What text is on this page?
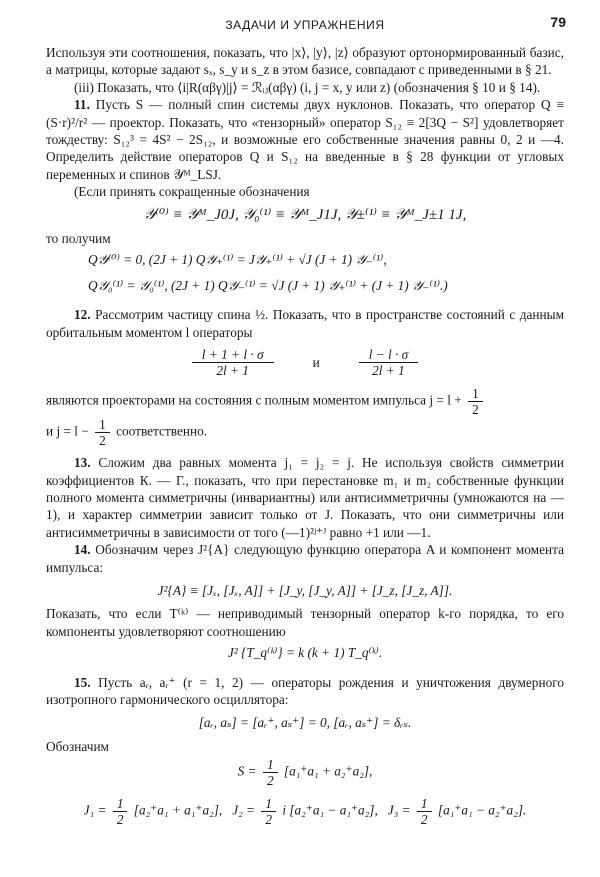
ЗАДАЧИ И УПРАЖНЕНИЯ	79

Используя эти соотношения, показать, что |x⟩, |y⟩, |z⟩ образуют ортонормированный базис, а матрицы, которые задают sₓ, s_y и s_z в этом базисе, совпадают с приведенными в § 21.

(iii) Показать, что ⟨i|R(αβγ)|j⟩ = ℛᵢⱼ(αβγ) (i, j = x, y или z) (обозначения § 10 и § 14).

11. Пусть S — полный спин системы двух нуклонов. Показать, что оператор Q ≡ (S·r)²/r² — проектор. Показать, что «тензорный» оператор S₁₂ ≡ 2[3Q − S²] удовлетворяет тождеству: S₁₂³ = 4S² − 2S₁₂, и возможные его собственные значения равны 0, 2 и —4. Определить действие операторов Q и S₁₂ на введенные в § 28 функции от угловых переменных и спинов 𝒴ᴹ_LSJ.

(Если принять сокращенные обозначения

𝒴⁽⁰⁾ ≡ 𝒴ᴹ_J0J, 𝒴₀⁽¹⁾ ≡ 𝒴ᴹ_J1J, 𝒴±⁽¹⁾ ≡ 𝒴ᴹ_J±1 1J,

то получим

Q𝒴⁽⁰⁾ = 0, (2J + 1) Q𝒴₊⁽¹⁾ = J𝒴₊⁽¹⁾ + √J (J + 1) 𝒴₋⁽¹⁾,
Q𝒴₀⁽¹⁾ = 𝒴₀⁽¹⁾, (2J + 1) Q𝒴₋⁽¹⁾ = √J (J + 1) 𝒴₊⁽¹⁾ + (J + 1) 𝒴₋⁽¹⁾.)

12. Рассмотрим частицу спина ½. Показать, что в пространстве состояний с данным орбитальным моментом l операторы

$\frac{l + 1 + l \cdot \sigma}{2l + 1}$	и	$\frac{l - l \cdot \sigma}{2l + 1}$

являются проекторами на состояния с полным моментом импульса $j = l + \frac{1}{2}$

и $j = l - \frac{1}{2}$ соответственно.

13. Сложим два равных момента j₁ = j₂ = j. Не используя свойств симметрии коэффициентов К. — Г., показать, что при перестановке m₁ и m₂ собственные функции полного момента симметричны (инвариантны) или антисимметричны (умножаются на —1), и характер симметрии зависит только от J. Показать, что они симметричны или антисимметричны в зависимости от того (—1)²ʲ⁺ᴶ равно +1 или —1.

14. Обозначим через J²{A} следующую функцию оператора A и компонент момента импульса:

J²{A} ≡ [Jₓ, [Jₓ, A]] + [J_y, [J_y, A]] + [J_z, [J_z, A]].

Показать, что если T⁽ᵏ⁾ — неприводимый тензорный оператор k-го порядка, то его компоненты удовлетворяют соотношению

J² {T_q⁽ᵏ⁾} = k (k + 1) T_q⁽ᵏ⁾.

15. Пусть aᵣ, aᵣ⁺ (r = 1, 2) — операторы рождения и уничтожения двумерного изотропного гармонического осциллятора:

[aᵣ, aₛ] = [aᵣ⁺, aₛ⁺] = 0, [aᵣ, aₛ⁺] = δᵣₛ.

Обозначим

$S = \frac{1}{2} [a_1^+a_1 + a_2^+a_2]$,
$J_1 = \frac{1}{2} [a_2^+a_1 + a_1^+a_2]$, $J_2 = \frac{1}{2}$ i [a₂⁺a₁ − a₁⁺a₂], $J_3 = \frac{1}{2} [a_1^+a_1 - a_2^+a_2]$.
